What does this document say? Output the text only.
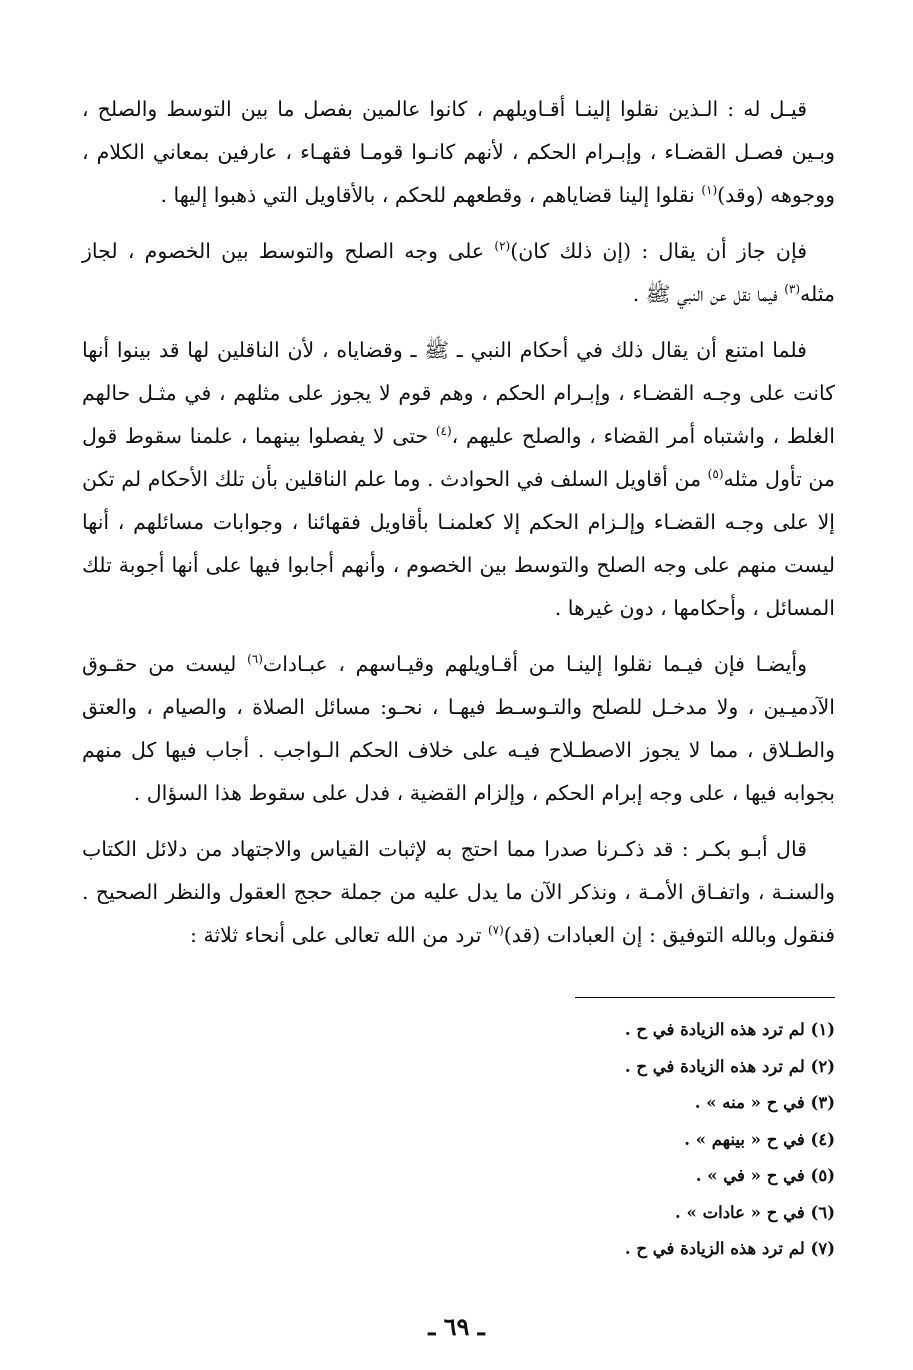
قيـل له : الـذين نقلوا إلينـا أقـاويلهم ، كانوا عالمين بفصل ما بين التوسط والصلح ، وبـين فصـل القضـاء ، وإبـرام الحكم ، لأنهم كانـوا قومـا فقهـاء ، عارفين بمعاني الكلام ، ووجوهه (وقد)$^{(١)}$ نقلوا إلينا قضاياهم ، وقطعهم للحكم ، بالأقاويل التي ذهبوا إليها .

فإن جاز أن يقال : (إن ذلك كان)$^{(٢)}$ على وجه الصلح والتوسط بين الخصوم ، لجاز مثله$^{(٣)}$ فيما نقل عن النبي ﷺ .

فلما امتنع أن يقال ذلك في أحكام النبي ـ ﷺ ـ وقضاياه ، لأن الناقلين لها قد بينوا أنها كانت على وجـه القضـاء ، وإبـرام الحكم ، وهم قوم لا يجوز على مثلهم ، في مثـل حالهم الغلط ، واشتباه أمر القضاء ، والصلح عليهم ،$^{(٤)}$ حتى لا يفصلوا بينهما ، علمنا سقوط قول من تأول مثله$^{(٥)}$ من أقاويل السلف في الحوادث . وما علم الناقلين بأن تلك الأحكام لم تكن إلا على وجـه القضـاء وإلـزام الحكم إلا كعلمنـا بأقاويل فقهائنا ، وجوابات مسائلهم ، أنها ليست منهم على وجه الصلح والتوسط بين الخصوم ، وأنهم أجابوا فيها على أنها أجوبة تلك المسائل ، وأحكامها ، دون غيرها .

وأيضـا فإن فيـما نقلوا إلينـا من أقـاويلهم وقيـاسهم ، عبـادات$^{(٦)}$ ليست من حقـوق الآدميـين ، ولا مدخـل للصلح والتـوسـط فيهـا ، نحـو: مسائل الصلاة ، والصيام ، والعتق والطـلاق ، مما لا يجوز الاصطـلاح فيـه على خلاف الحكم الـواجب . أجاب فيها كل منهم بجوابه فيها ، على وجه إبرام الحكم ، وإلزام القضية ، فدل على سقوط هذا السؤال .

قال أبـو بكـر : قد ذكـرنا صدرا مما احتج به لإثبات القياس والاجتهاد من دلائل الكتاب والسنـة ، واتفـاق الأمـة ، ونذكر الآن ما يدل عليه من جملة حجج العقول والنظر الصحيح . فنقول وبالله التوفيق : إن العبادات (قد)$^{(٧)}$ ترد من الله تعالى على أنحاء ثلاثة :

(١) لم ترد هذه الزيادة في ح .
(٢) لم ترد هذه الزيادة في ح .
(٣) في ح « منه » .
(٤) في ح « بينهم » .
(٥) في ح « في » .
(٦) في ح « عادات » .
(٧) لم ترد هذه الزيادة في ح .
ـ ٦٩ ـ
